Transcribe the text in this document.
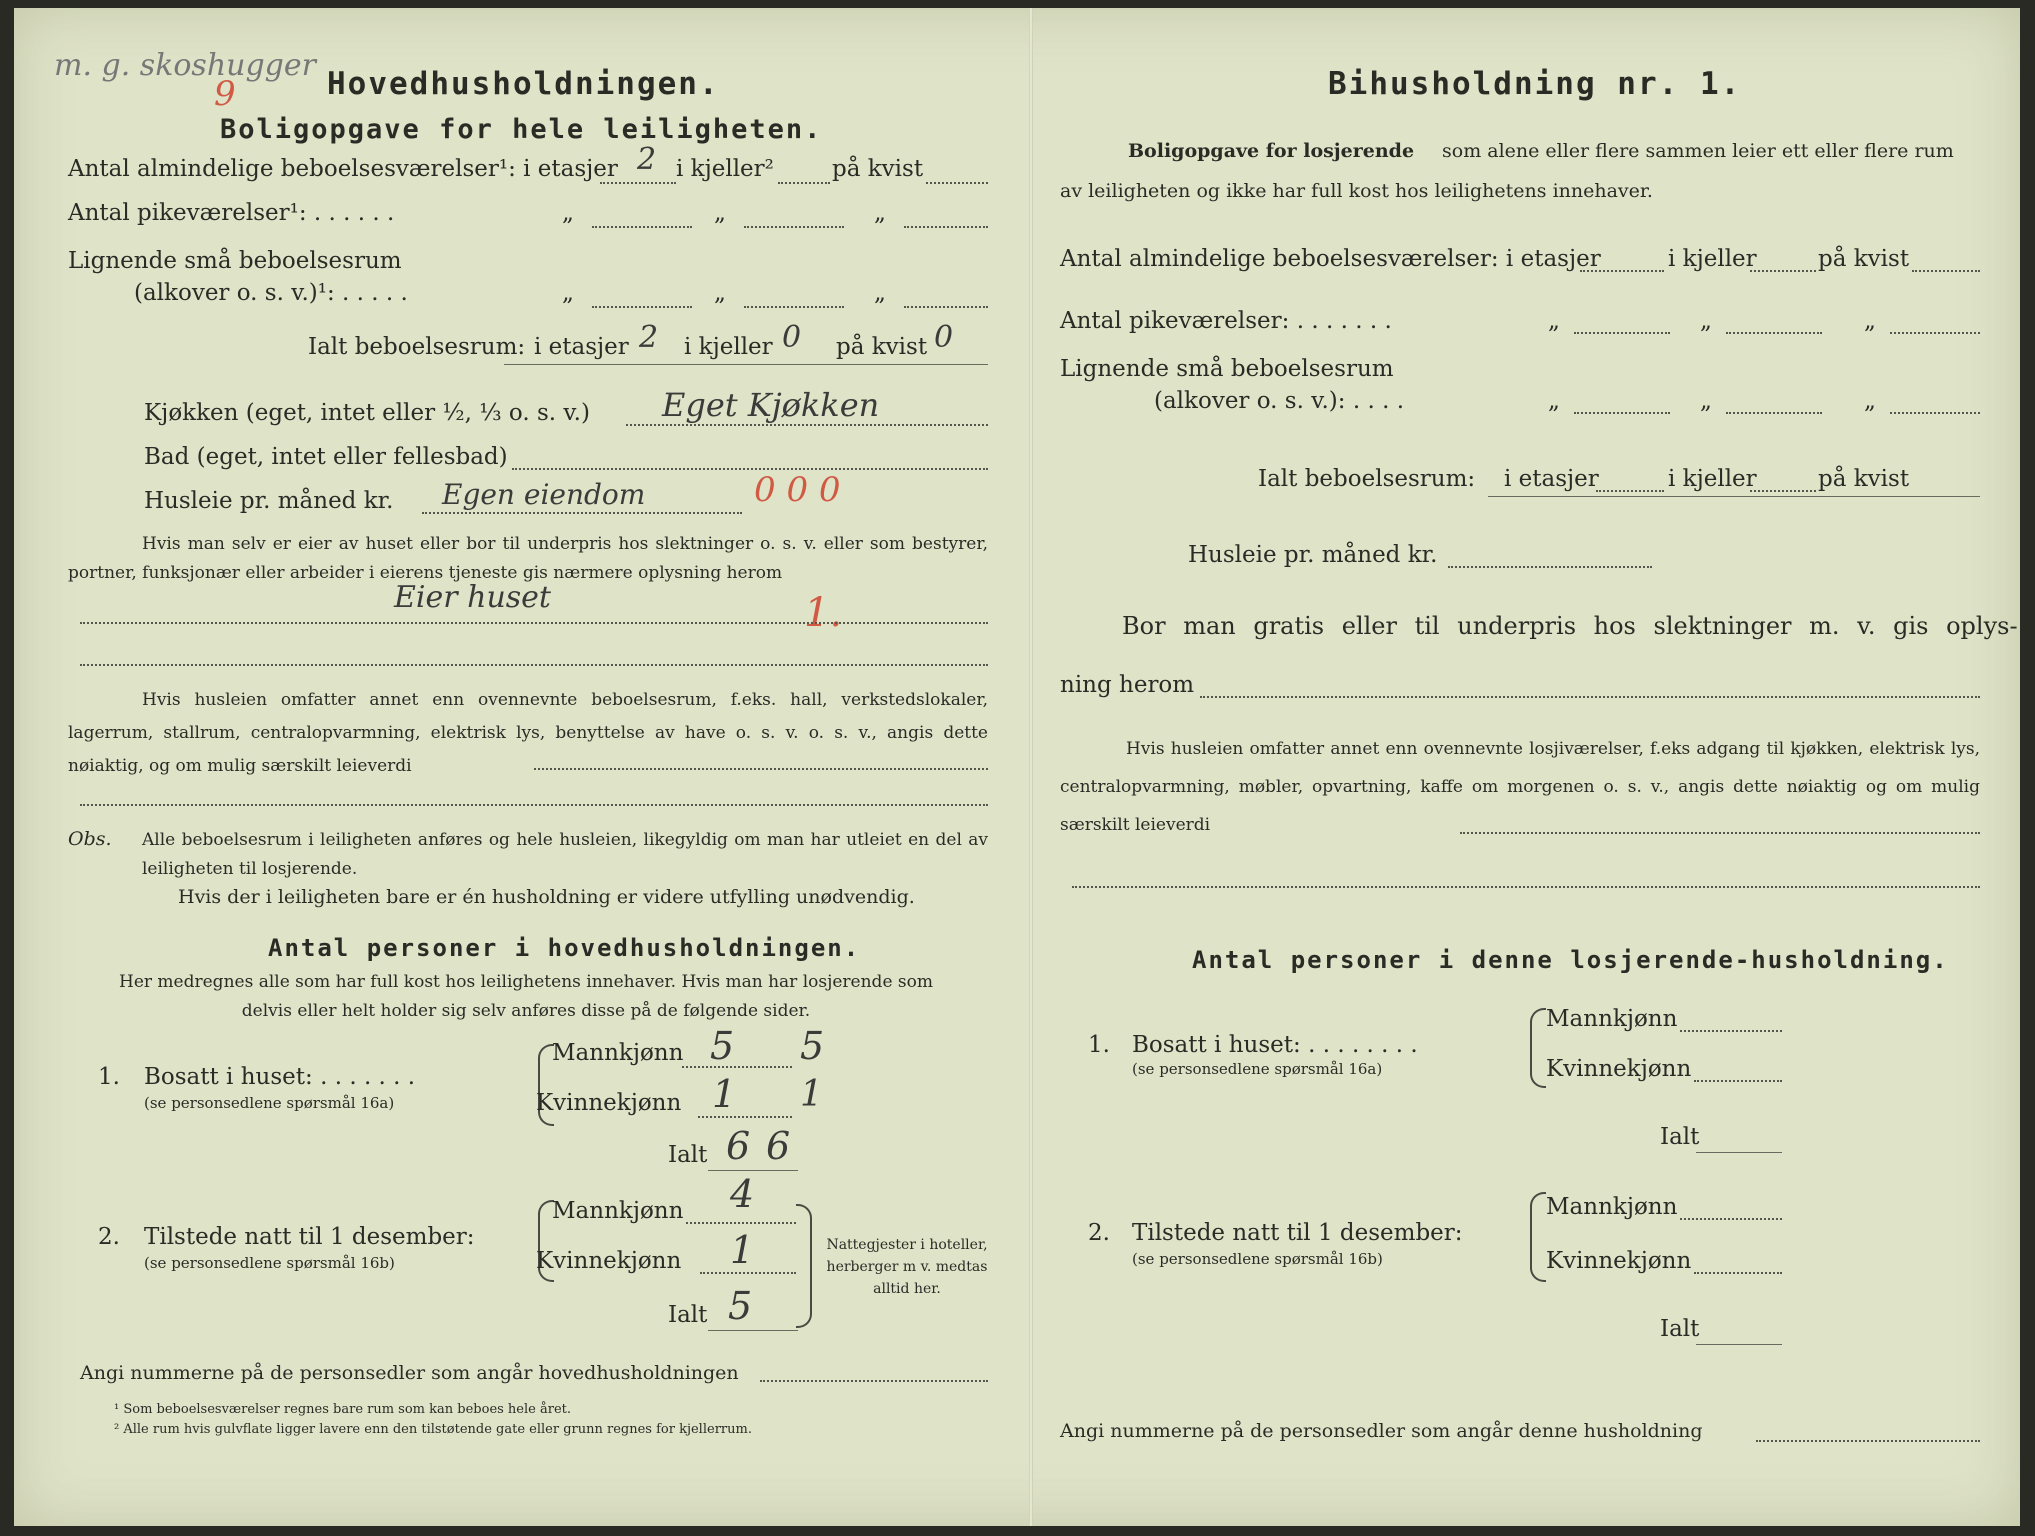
m. g. skoshugger
9	Hovedhusholdningen.
Boligopgave for hele leiligheten.
Antal almindelige beboelsesværelser¹: i etasjer 2 i kjeller²	på kvist
Antal pikeværelser¹: . . . . . .	„	„	„
Lignende små beboelsesrum
(alkover o. s. v.)¹: . . . . .	„	„	„
Ialt beboelsesrum: i etasjer 2 i kjeller 0 på kvist 0
Kjøkken (eget, intet eller ½, ⅓ o. s. v.) Eget Kjøkken
Bad (eget, intet eller fellesbad)
Husleie pr. måned kr. Egen eiendom	0 0 0
Hvis man selv er eier av huset eller bor til underpris hos slektninger o. s. v. eller som bestyrer, portner, funksjonær eller arbeider i eierens tjeneste gis nærmere oplysning herom
Eier huset	1.
Hvis husleien omfatter annet enn ovennevnte beboelsesrum, f.eks. hall, verkstedslokaler, lagerrum, stallrum, centralopvarmning, elektrisk lys, benyttelse av have o. s. v. o. s. v., angis dette nøiaktig, og om mulig særskilt leieverdi
Obs. Alle beboelsesrum i leiligheten anføres og hele husleien, likegyldig om man har utleiet en del av leiligheten til losjerende.
Hvis der i leiligheten bare er én husholdning er videre utfylling unødvendig.
Antal personer i hovedhusholdningen.
Her medregnes alle som har full kost hos leilighetens innehaver. Hvis man har losjerende som delvis eller helt holder sig selv anføres disse på de følgende sider.
1. Bosatt i huset: . . . . . . .
(se personsedlene spørsmål 16a)
Mannkjønn 5 5
Kvinnekjønn 1 1
Ialt 6 6
2. Tilstede natt til 1 desember:
(se personsedlene spørsmål 16b)
Mannkjønn 4
Kvinnekjønn 1
Ialt 5
Nattegjester i hoteller, herberger m v. medtas alltid her.
Angi nummerne på de personsedler som angår hovedhusholdningen
¹ Som beboelsesværelser regnes bare rum som kan beboes hele året.
² Alle rum hvis gulvflate ligger lavere enn den tilstøtende gate eller grunn regnes for kjellerrum.
Bihusholdning nr. 1.
Boligopgave for losjerende som alene eller flere sammen leier ett eller flere rum
av leiligheten og ikke har full kost hos leilighetens innehaver.
Antal almindelige beboelsesværelser: i etasjer	i kjeller	på kvist
Antal pikeværelser: . . . . . . .	„	„	„
Lignende små beboelsesrum
(alkover o. s. v.): . . . .	„	„	„
Ialt beboelsesrum: i etasjer	i kjeller	på kvist
Husleie pr. måned kr.
Bor man gratis eller til underpris hos slektninger m. v. gis oplys-
ning herom
Hvis husleien omfatter annet enn ovennevnte losjiværelser, f.eks adgang til kjøkken, elektrisk lys, centralopvarmning, møbler, opvartning, kaffe om morgenen o. s. v., angis dette nøiaktig og om mulig særskilt leieverdi
Antal personer i denne losjerende-husholdning.
1. Bosatt i huset: . . . . . . . .
(se personsedlene spørsmål 16a)
Mannkjønn
Kvinnekjønn
Ialt
2. Tilstede natt til 1 desember:
(se personsedlene spørsmål 16b)
Mannkjønn
Kvinnekjønn
Ialt
Angi nummerne på de personsedler som angår denne husholdning
